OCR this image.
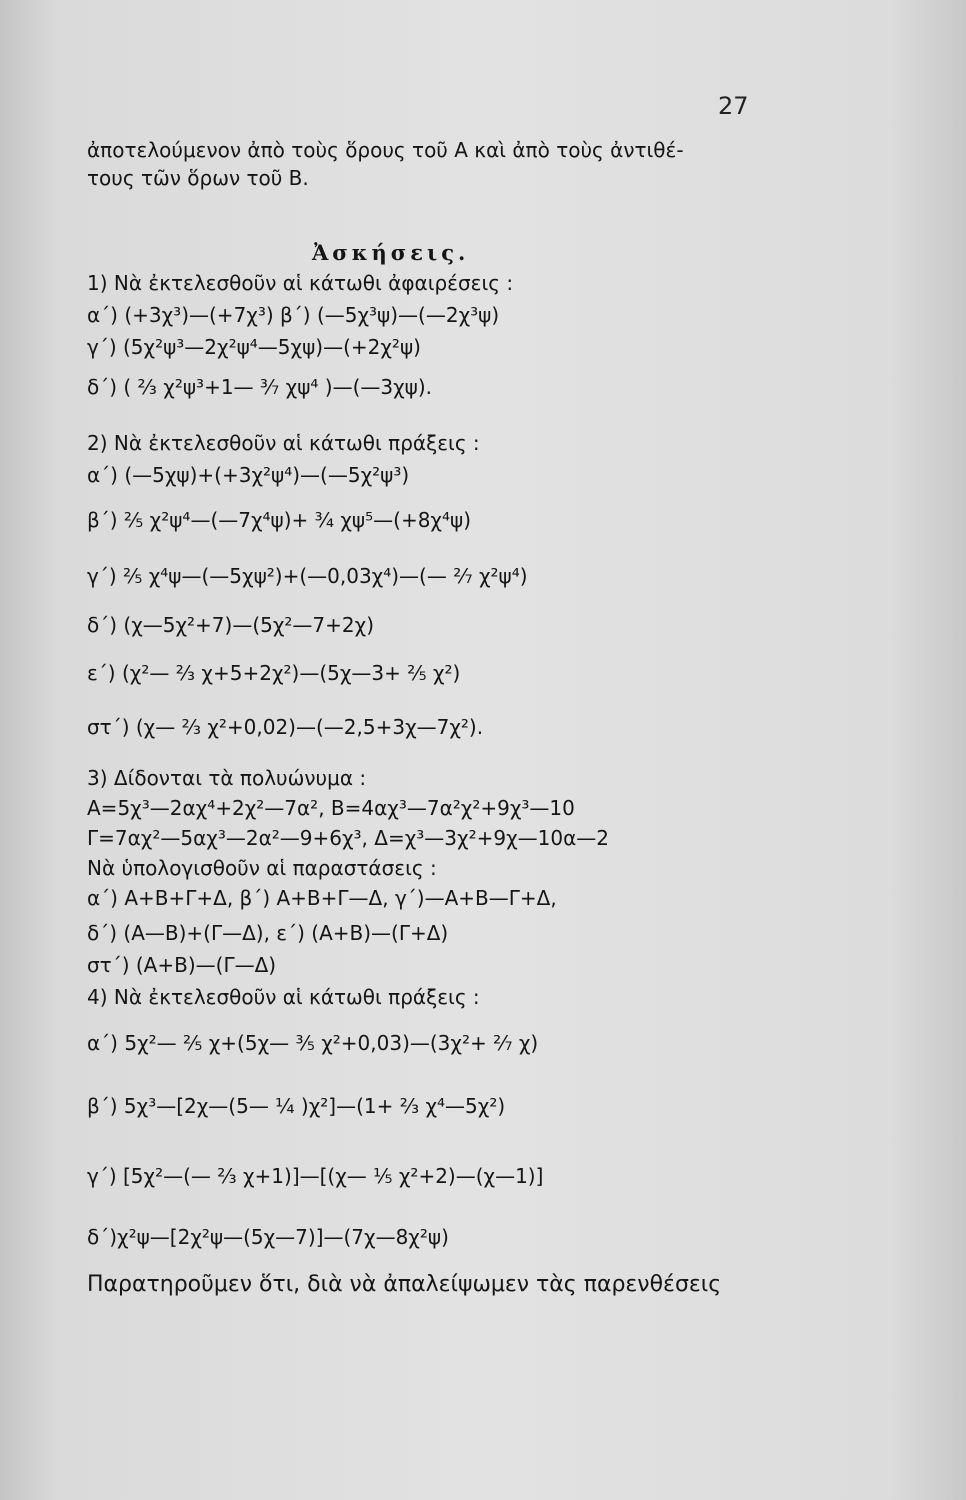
27
ἀποτελούμενον ἀπὸ τοὺς ὅρους τοῦ Α καὶ ἀπὸ τοὺς ἀντιθέ-
τους τῶν ὅρων τοῦ Β.
Ἀσκήσεις.
1) Νὰ ἐκτελεσθοῦν αἱ κάτωθι ἀφαιρέσεις :
α΄) (+3χ³)—(+7χ³) β΄) (—5χ³ψ)—(—2χ³ψ)
γ΄) (5χ²ψ³—2χ²ψ⁴—5χψ)—(+2χ²ψ)
δ΄) ( ²⁄₃ χ²ψ³+1— ³⁄₇ χψ⁴ )—(—3χψ).
2) Νὰ ἐκτελεσθοῦν αἱ κάτωθι πράξεις :
α΄) (—5χψ)+(+3χ²ψ⁴)—(—5χ²ψ³)
β΄) ²⁄₅ χ²ψ⁴—(—7χ⁴ψ)+ ³⁄₄ χψ⁵—(+8χ⁴ψ)
γ΄) ²⁄₅ χ⁴ψ—(—5χψ²)+(—0,03χ⁴)—(— ²⁄₇ χ²ψ⁴)
δ΄) (χ—5χ²+7)—(5χ²—7+2χ)
ε΄) (χ²— ²⁄₃ χ+5+2χ²)—(5χ—3+ ²⁄₅ χ²)
στ΄) (χ— ²⁄₃ χ²+0,02)—(—2,5+3χ—7χ²).
3) Δίδονται τὰ πολυώνυμα :
Α=5χ³—2αχ⁴+2χ²—7α², Β=4αχ³—7α²χ²+9χ³—10
Γ=7αχ²—5αχ³—2α²—9+6χ³, Δ=χ³—3χ²+9χ—10α—2
Νὰ ὑπολογισθοῦν αἱ παραστάσεις :
α΄) Α+Β+Γ+Δ, β΄) Α+Β+Γ—Δ, γ΄)—Α+Β—Γ+Δ,
δ΄) (Α—Β)+(Γ—Δ), ε΄) (Α+Β)—(Γ+Δ)
στ΄) (Α+Β)—(Γ—Δ)
4) Νὰ ἐκτελεσθοῦν αἱ κάτωθι πράξεις :
α΄) 5χ²— ²⁄₅ χ+(5χ— ³⁄₅ χ²+0,03)—(3χ²+ ²⁄₇ χ)
β΄) 5χ³—[2χ—(5— ¹⁄₄ )χ²]—(1+ ²⁄₃ χ⁴—5χ²)
γ΄) [5χ²—(— ²⁄₃ χ+1)]—[(χ— ¹⁄₅ χ²+2)—(χ—1)]
δ΄)χ²ψ—[2χ²ψ—(5χ—7)]—(7χ—8χ²ψ)
Παρατηροῦμεν ὅτι, διὰ νὰ ἀπαλείψωμεν τὰς παρενθέσεις
